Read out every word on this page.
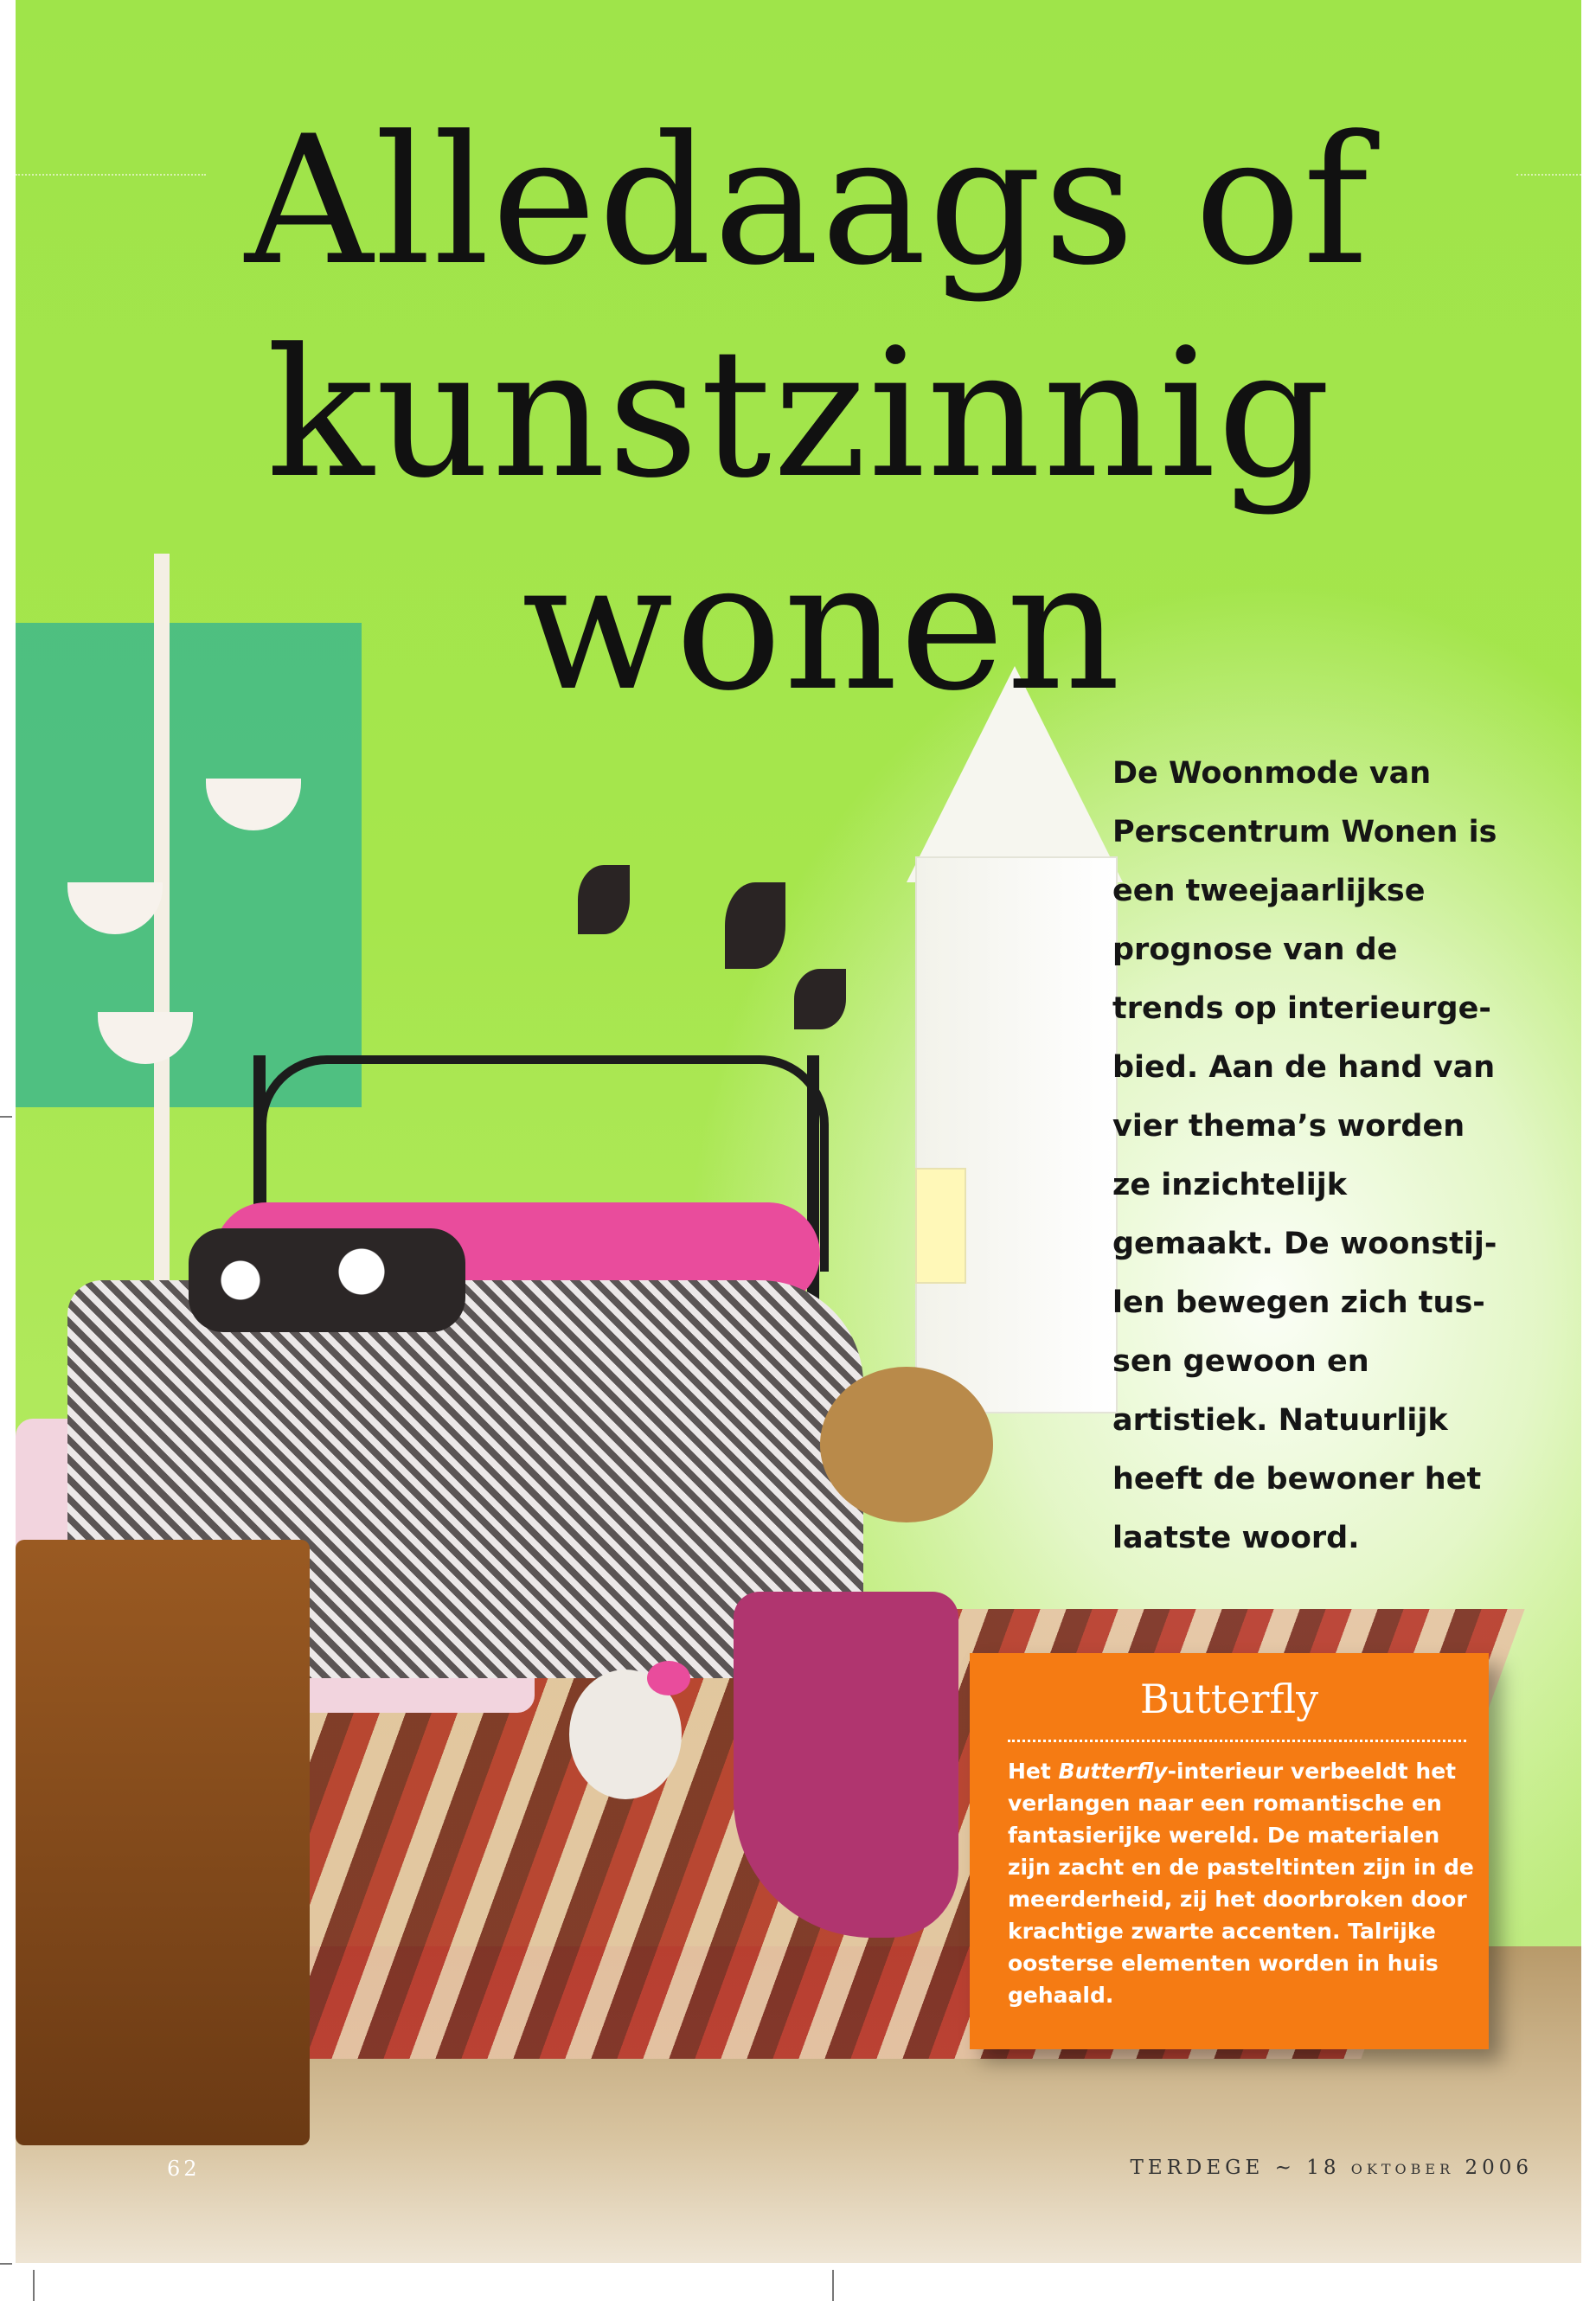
Alledaags of
kunstzinnig
wonen

De Woonmode van Perscentrum Wonen is een tweejaarlijkse prognose van de trends op interieurge-bied. Aan de hand van vier thema’s worden ze inzichtelijk gemaakt. De woonstij-len bewegen zich tus-sen gewoon en artistiek. Natuurlijk heeft de bewoner het laatste woord.

Butterfly

Het Butterfly-interieur verbeeldt het verlangen naar een romantische en fantasierijke wereld. De materialen zijn zacht en de pasteltinten zijn in de meerderheid, zij het doorbroken door krachtige zwarte accenten. Talrijke oosterse elementen worden in huis gehaald.

62	TERDEGE ~ 18 oktober 2006
